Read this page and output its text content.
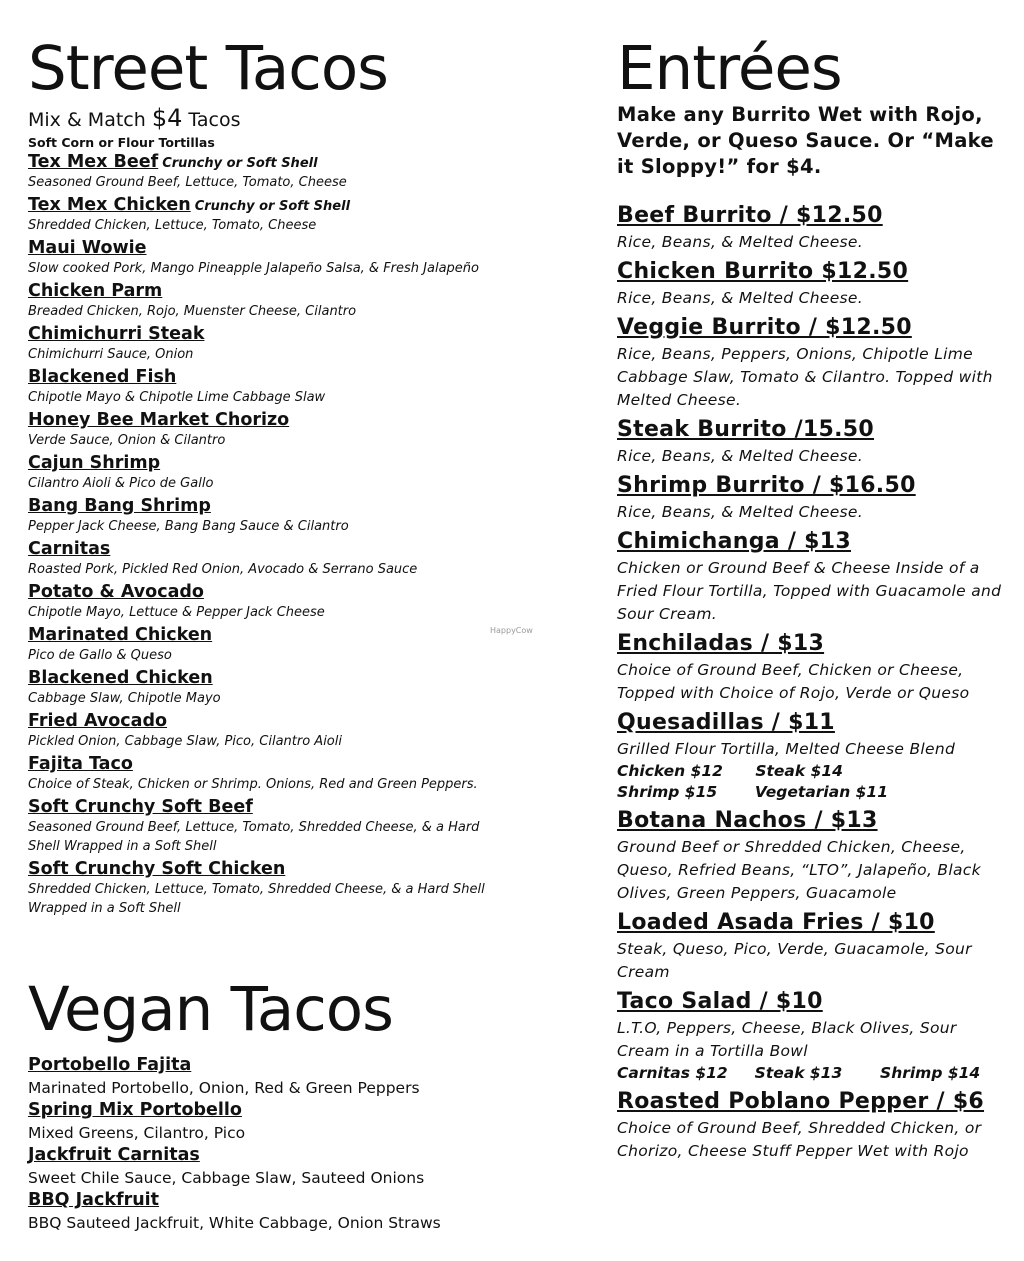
Street Tacos
Mix & Match $4 Tacos
Soft Corn or Flour Tortillas
Tex Mex Beef Crunchy or Soft Shell
Seasoned Ground Beef, Lettuce, Tomato, Cheese
Tex Mex Chicken Crunchy or Soft Shell
Shredded Chicken, Lettuce, Tomato, Cheese
Maui Wowie
Slow cooked Pork, Mango Pineapple Jalapeño Salsa, & Fresh Jalapeño
Chicken Parm
Breaded Chicken, Rojo, Muenster Cheese, Cilantro
Chimichurri Steak
Chimichurri Sauce, Onion
Blackened Fish
Chipotle Mayo & Chipotle Lime Cabbage Slaw
Honey Bee Market Chorizo
Verde Sauce, Onion & Cilantro
Cajun Shrimp
Cilantro Aioli & Pico de Gallo
Bang Bang Shrimp
Pepper Jack Cheese, Bang Bang Sauce & Cilantro
Carnitas
Roasted Pork, Pickled Red Onion, Avocado & Serrano Sauce
Potato & Avocado
Chipotle Mayo, Lettuce & Pepper Jack Cheese
Marinated Chicken
Pico de Gallo & Queso
Blackened Chicken
Cabbage Slaw, Chipotle Mayo
Fried Avocado
Pickled Onion, Cabbage Slaw, Pico, Cilantro Aioli
Fajita Taco
Choice of Steak, Chicken or Shrimp. Onions, Red and Green Peppers.
Soft Crunchy Soft Beef
Seasoned Ground Beef, Lettuce, Tomato, Shredded Cheese, & a Hard Shell Wrapped in a Soft Shell
Soft Crunchy Soft Chicken
Shredded Chicken, Lettuce, Tomato, Shredded Cheese, & a Hard Shell Wrapped in a Soft Shell
Vegan Tacos
Portobello Fajita
Marinated Portobello, Onion, Red & Green Peppers
Spring Mix Portobello
Mixed Greens, Cilantro, Pico
Jackfruit Carnitas
Sweet Chile Sauce, Cabbage Slaw, Sauteed Onions
BBQ Jackfruit
BBQ Sauteed Jackfruit, White Cabbage, Onion Straws
Entrées
Make any Burrito Wet with Rojo, Verde, or Queso Sauce. Or “Make it Sloppy!” for $4.
Beef Burrito / $12.50
Rice, Beans, & Melted Cheese.
Chicken Burrito $12.50
Rice, Beans, & Melted Cheese.
Veggie Burrito / $12.50
Rice, Beans, Peppers, Onions, Chipotle Lime Cabbage Slaw, Tomato & Cilantro. Topped with Melted Cheese.
Steak Burrito /15.50
Rice, Beans, & Melted Cheese.
Shrimp Burrito / $16.50
Rice, Beans, & Melted Cheese.
Chimichanga / $13
Chicken or Ground Beef & Cheese Inside of a Fried Flour Tortilla, Topped with Guacamole and Sour Cream.
Enchiladas / $13
Choice of Ground Beef, Chicken or Cheese, Topped with Choice of Rojo, Verde or Queso
Quesadillas / $11
Grilled Flour Tortilla, Melted Cheese Blend
Chicken $12      Steak $14
Shrimp $15       Vegetarian $11
Botana Nachos / $13
Ground Beef or Shredded Chicken, Cheese, Queso, Refried Beans, “LTO”, Jalapeño, Black Olives, Green Peppers, Guacamole
Loaded Asada Fries / $10
Steak, Queso, Pico, Verde, Guacamole, Sour Cream
Taco Salad / $10
L.T.O, Peppers, Cheese, Black Olives, Sour Cream in a Tortilla Bowl
Carnitas $12     Steak $13       Shrimp $14
Roasted Poblano Pepper / $6
Choice of Ground Beef, Shredded Chicken, or Chorizo, Cheese Stuff Pepper Wet with Rojo
HappyCow
